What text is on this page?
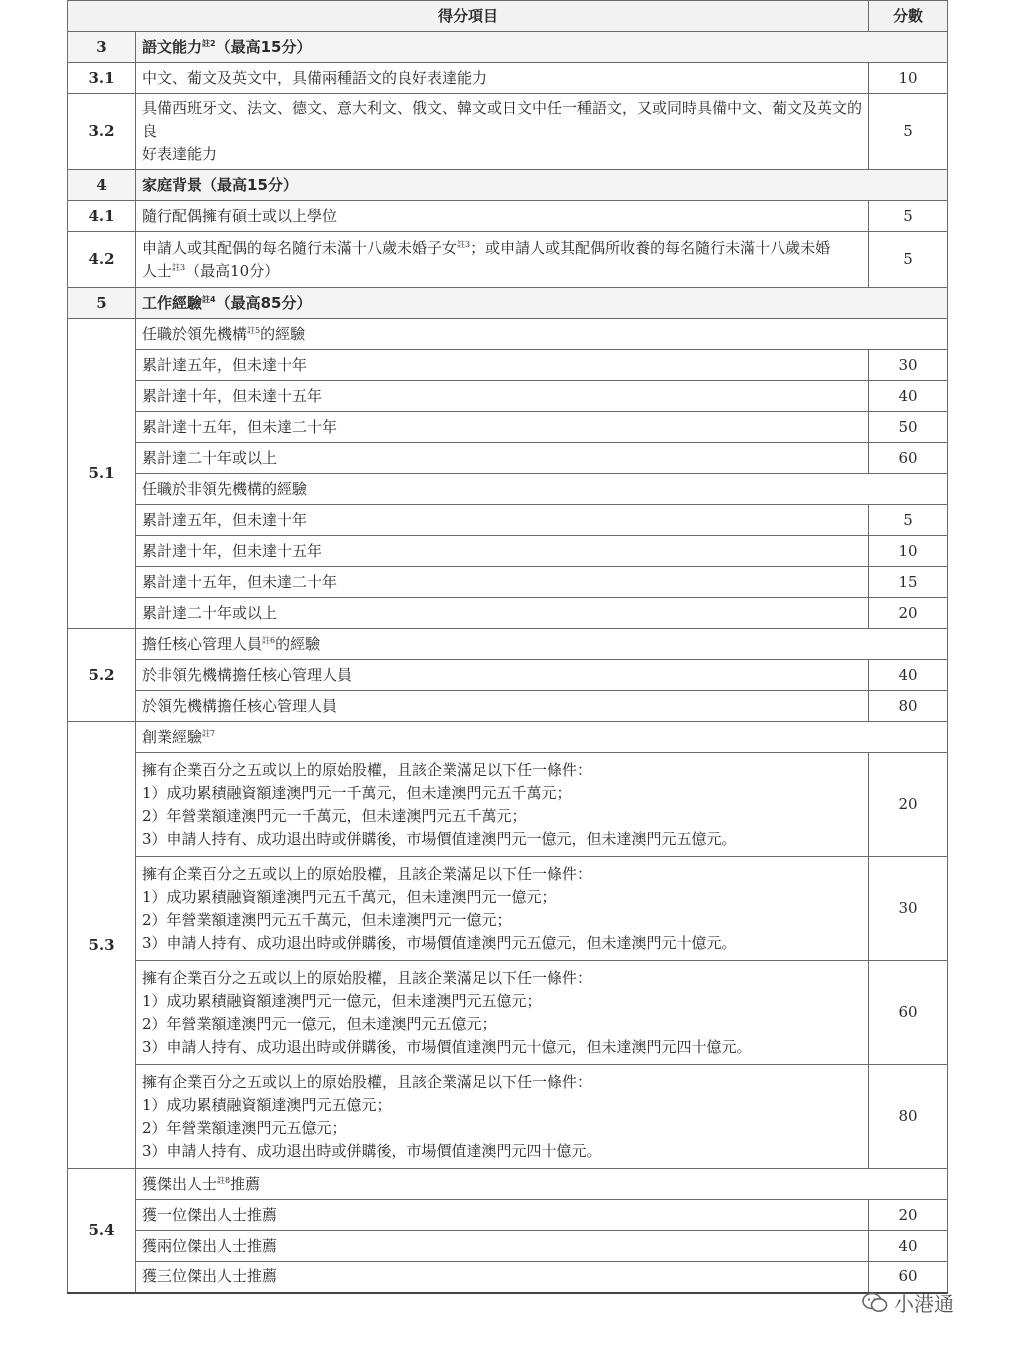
得分項目		分數
3	語文能力$^{註2}$（最高15分）	
3.1	中文、葡文及英文中，具備兩種語文的良好表達能力	10
3.2	具備西班牙文、法文、德文、意大利文、俄文、韓文或日文中任一種語文，又或同時具備中文、葡文及英文的良
好表達能力	5
4	家庭背景（最高15分）	
4.1	隨行配偶擁有碩士或以上學位	5
4.2	申請人或其配偶的每名隨行未滿十八歲未婚子女$^{註3}$；或申請人或其配偶所收養的每名隨行未滿十八歲未婚
人士$^{註3}$（最高10分）	5
5	工作經驗$^{註4}$（最高85分）	
5.1	任職於領先機構$^{註5}$的經驗	
	累計達五年，但未達十年	30
	累計達十年，但未達十五年	40
	累計達十五年，但未達二十年	50
	累計達二十年或以上	60
	任職於非領先機構的經驗	
	累計達五年，但未達十年	5
	累計達十年，但未達十五年	10
	累計達十五年，但未達二十年	15
	累計達二十年或以上	20
5.2	擔任核心管理人員$^{註6}$的經驗	
	於非領先機構擔任核心管理人員	40
	於領先機構擔任核心管理人員	80
5.3	創業經驗$^{註7}$

	擁有企業百分之五或以上的原始股權，且該企業滿足以下任一條件：
1）成功累積融資額達澳門元一千萬元，但未達澳門元五千萬元；
2）年營業額達澳門元一千萬元，但未達澳門元五千萬元；
3）申請人持有、成功退出時或併購後，市場價值達澳門元一億元，但未達澳門元五億元。	20

	擁有企業百分之五或以上的原始股權，且該企業滿足以下任一條件：
1）成功累積融資額達澳門元五千萬元，但未達澳門元一億元；
2）年營業額達澳門元五千萬元，但未達澳門元一億元；
3）申請人持有、成功退出時或併購後，市場價值達澳門元五億元，但未達澳門元十億元。	30

	擁有企業百分之五或以上的原始股權，且該企業滿足以下任一條件：
1）成功累積融資額達澳門元一億元，但未達澳門元五億元；
2）年營業額達澳門元一億元，但未達澳門元五億元；
3）申請人持有、成功退出時或併購後，市場價值達澳門元十億元，但未達澳門元四十億元。	60

	擁有企業百分之五或以上的原始股權，且該企業滿足以下任一條件：
1）成功累積融資額達澳門元五億元；
2）年營業額達澳門元五億元；
3）申請人持有、成功退出時或併購後，市場價值達澳門元四十億元。	80
5.4	獲傑出人士$^{註8}$推薦	
	獲一位傑出人士推薦	20
	獲兩位傑出人士推薦	40
	獲三位傑出人士推薦	60
小港通
